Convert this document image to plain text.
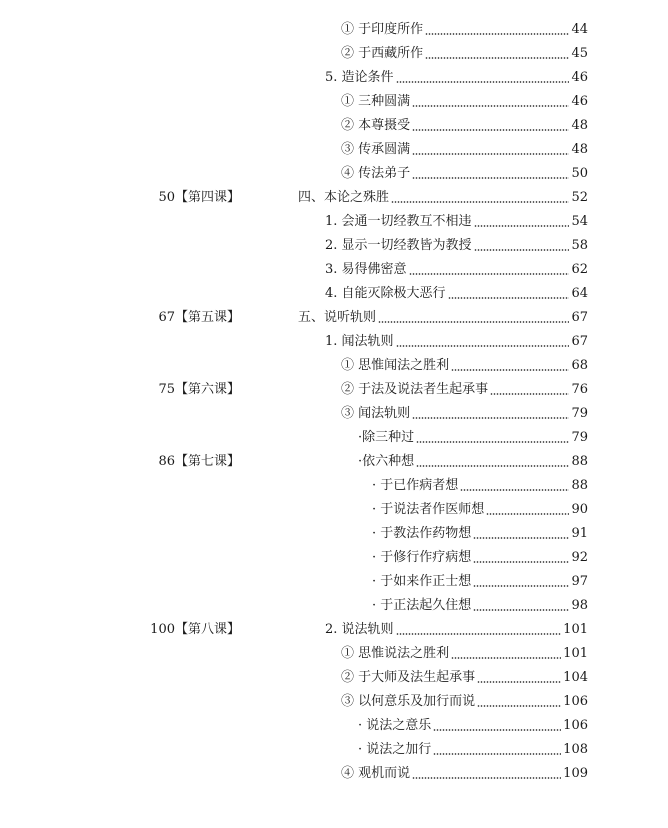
① 于印度所作	44
② 于西藏所作	45
5. 造论条件	46
① 三种圆满	46
② 本尊摄受	48
③ 传承圆满	48
④ 传法弟子	50
50【第四课】	四、本论之殊胜	52
1. 会通一切经教互不相违	54
2. 显示一切经教皆为教授	58
3. 易得佛密意	62
4. 自能灭除极大恶行	64
67【第五课】	五、说听轨则	67
1. 闻法轨则	67
① 思惟闻法之胜利	68
75【第六课】	② 于法及说法者生起承事	76
③ 闻法轨则	79
·除三种过	79
86【第七课】	·依六种想	88
· 于已作病者想	88
· 于说法者作医师想	90
· 于教法作药物想	91
· 于修行作疗病想	92
· 于如来作正士想	97
· 于正法起久住想	98
100【第八课】	2. 说法轨则	101
① 思惟说法之胜利	101
② 于大师及法生起承事	104
③ 以何意乐及加行而说	106
· 说法之意乐	106
· 说法之加行	108
④ 观机而说	109
